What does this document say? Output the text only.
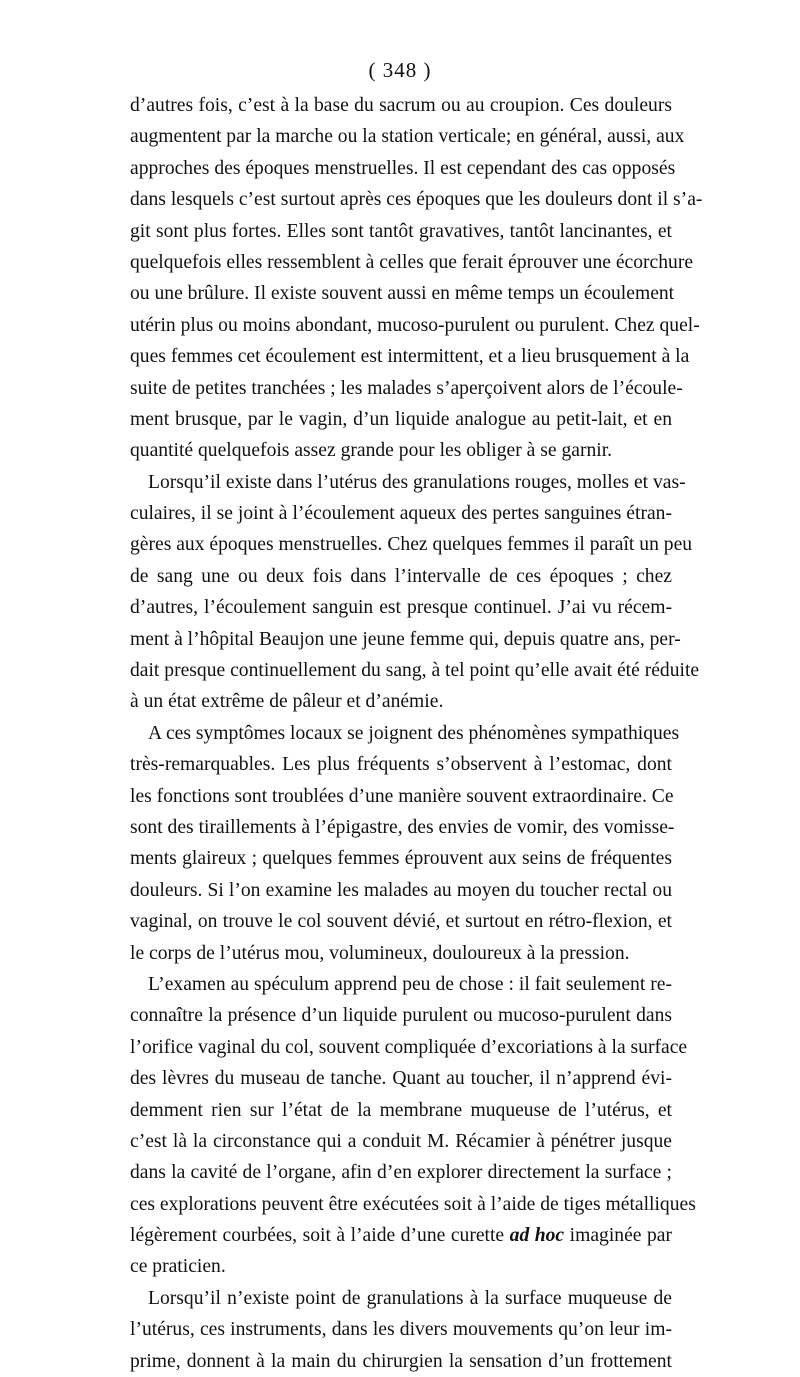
( 348 )
d’autres fois, c’est à la base du sacrum ou au croupion. Ces douleurs
augmentent par la marche ou la station verticale; en général, aussi, aux
approches des époques menstruelles. Il est cependant des cas opposés
dans lesquels c’est surtout après ces époques que les douleurs dont il s’a-
git sont plus fortes. Elles sont tantôt gravatives, tantôt lancinantes, et
quelquefois elles ressemblent à celles que ferait éprouver une écorchure
ou une brûlure. Il existe souvent aussi en même temps un écoulement
utérin plus ou moins abondant, mucoso-purulent ou purulent. Chez quel-
ques femmes cet écoulement est intermittent, et a lieu brusquement à la
suite de petites tranchées ; les malades s’aperçoivent alors de l’écoule-
ment brusque, par le vagin, d’un liquide analogue au petit-lait, et en
quantité quelquefois assez grande pour les obliger à se garnir.
Lorsqu’il existe dans l’utérus des granulations rouges, molles et vas-
culaires, il se joint à l’écoulement aqueux des pertes sanguines étran-
gères aux époques menstruelles. Chez quelques femmes il paraît un peu
de sang une ou deux fois dans l’intervalle de ces époques ; chez
d’autres, l’écoulement sanguin est presque continuel. J’ai vu récem-
ment à l’hôpital Beaujon une jeune femme qui, depuis quatre ans, per-
dait presque continuellement du sang, à tel point qu’elle avait été réduite
à un état extrême de pâleur et d’anémie.
A ces symptômes locaux se joignent des phénomènes sympathiques
très-remarquables. Les plus fréquents s’observent à l’estomac, dont
les fonctions sont troublées d’une manière souvent extraordinaire. Ce
sont des tiraillements à l’épigastre, des envies de vomir, des vomisse-
ments glaireux ; quelques femmes éprouvent aux seins de fréquentes
douleurs. Si l’on examine les malades au moyen du toucher rectal ou
vaginal, on trouve le col souvent dévié, et surtout en rétro-flexion, et
le corps de l’utérus mou, volumineux, douloureux à la pression.
L’examen au spéculum apprend peu de chose : il fait seulement re-
connaître la présence d’un liquide purulent ou mucoso-purulent dans
l’orifice vaginal du col, souvent compliquée d’excoriations à la surface
des lèvres du museau de tanche. Quant au toucher, il n’apprend évi-
demment rien sur l’état de la membrane muqueuse de l’utérus, et
c’est là la circonstance qui a conduit M. Récamier à pénétrer jusque
dans la cavité de l’organe, afin d’en explorer directement la surface ;
ces explorations peuvent être exécutées soit à l’aide de tiges métalliques
légèrement courbées, soit à l’aide d’une curette ad hoc imaginée par
ce praticien.
Lorsqu’il n’existe point de granulations à la surface muqueuse de
l’utérus, ces instruments, dans les divers mouvements qu’on leur im-
prime, donnent à la main du chirurgien la sensation d’un frottement
